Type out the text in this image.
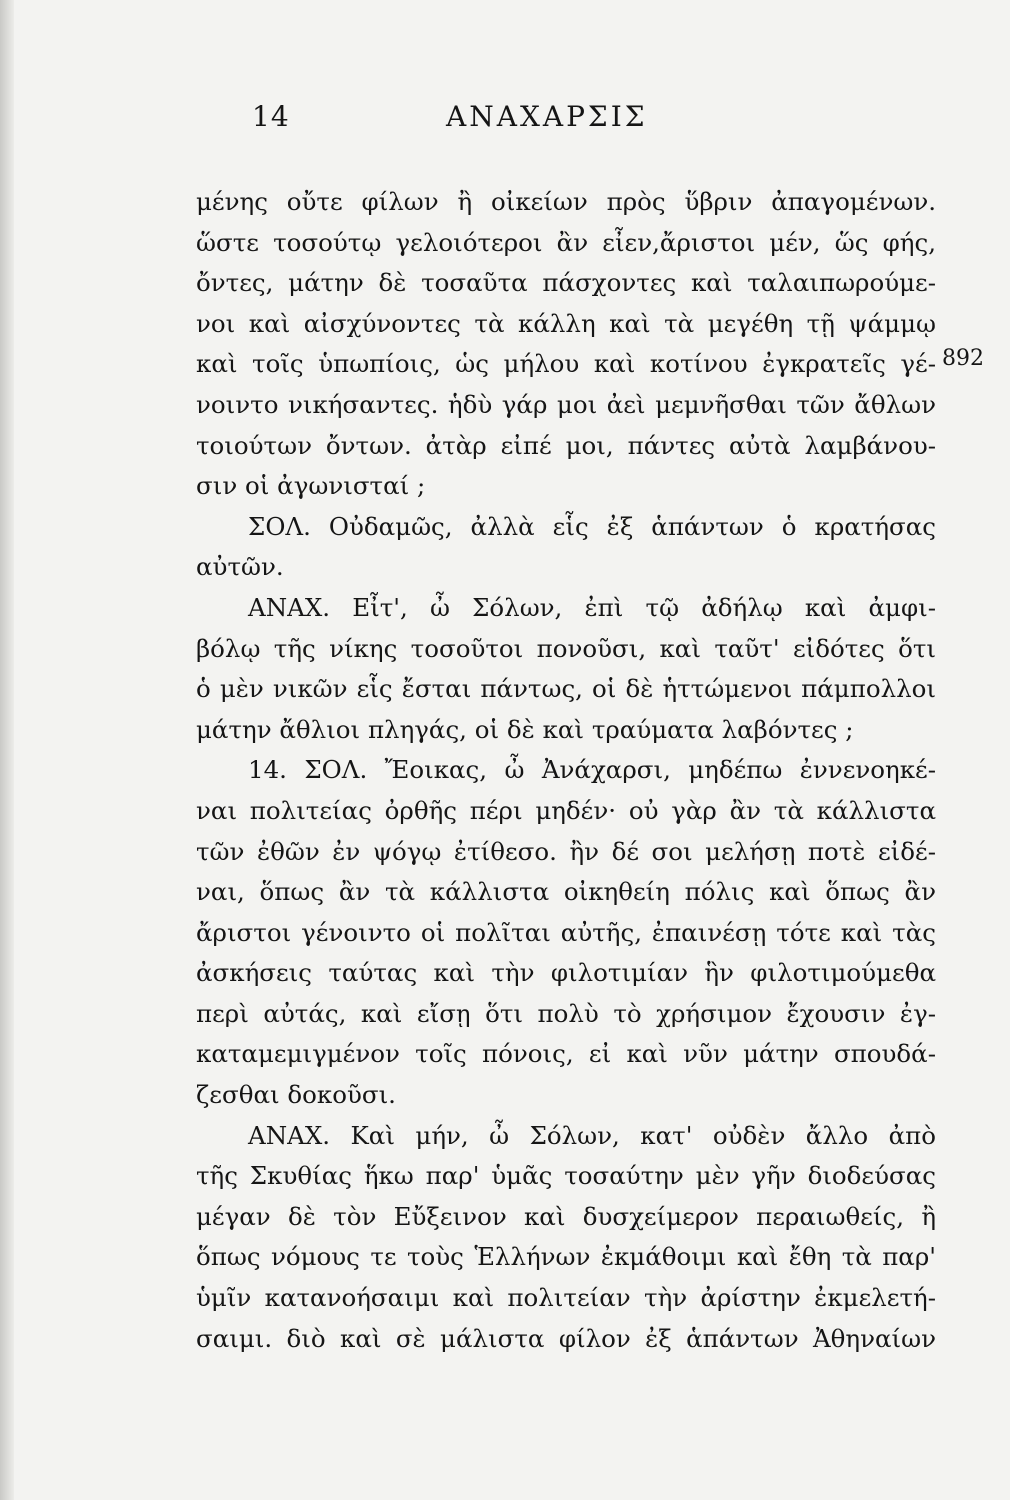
14	ΑΝΑΧΑΡΣΙΣ
892
μένης οὔτε φίλων ἢ οἰκείων πρὸς ὕβριν ἀπαγομένων.
ὥστε τοσούτῳ γελοιότεροι ἂν εἶεν,ἄριστοι μέν, ὥς φής,
ὄντες, μάτην δὲ τοσαῦτα πάσχοντες καὶ ταλαιπωρούμε-
νοι καὶ αἰσχύνοντες τὰ κάλλη καὶ τὰ μεγέθη τῇ ψάμμῳ
καὶ τοῖς ὑπωπίοις, ὡς μήλου καὶ κοτίνου ἐγκρατεῖς γέ-
νοιντο νικήσαντες. ἡδὺ γάρ μοι ἀεὶ μεμνῆσθαι τῶν ἄθλων
τοιούτων ὄντων. ἀτὰρ εἰπέ μοι, πάντες αὐτὰ λαμβάνου-
σιν οἱ ἀγωνισταί ;
ΣΟΛ. Οὐδαμῶς, ἀλλὰ εἷς ἐξ ἁπάντων ὁ κρατήσας
αὐτῶν.
ΑΝΑΧ. Εἶτ', ὦ Σόλων, ἐπὶ τῷ ἀδήλῳ καὶ ἀμφι-
βόλῳ τῆς νίκης τοσοῦτοι πονοῦσι, καὶ ταῦτ' εἰδότες ὅτι
ὁ μὲν νικῶν εἷς ἔσται πάντως, οἱ δὲ ἡττώμενοι πάμπολλοι
μάτην ἄθλιοι πληγάς, οἱ δὲ καὶ τραύματα λαβόντες ;
14. ΣΟΛ. Ἔοικας, ὦ Ἀνάχαρσι, μηδέπω ἐννενοηκέ-
ναι πολιτείας ὀρθῆς πέρι μηδέν· οὐ γὰρ ἂν τὰ κάλλιστα
τῶν ἐθῶν ἐν ψόγῳ ἐτίθεσο. ἢν δέ σοι μελήσῃ ποτὲ εἰδέ-
ναι, ὅπως ἂν τὰ κάλλιστα οἰκηθείη πόλις καὶ ὅπως ἂν
ἄριστοι γένοιντο οἱ πολῖται αὐτῆς, ἐπαινέσῃ τότε καὶ τὰς
ἀσκήσεις ταύτας καὶ τὴν φιλοτιμίαν ἣν φιλοτιμούμεθα
περὶ αὐτάς, καὶ εἴσῃ ὅτι πολὺ τὸ χρήσιμον ἔχουσιν ἐγ-
καταμεμιγμένον τοῖς πόνοις, εἰ καὶ νῦν μάτην σπουδά-
ζεσθαι δοκοῦσι.
ΑΝΑΧ. Καὶ μήν, ὦ Σόλων, κατ' οὐδὲν ἄλλο ἀπὸ
τῆς Σκυθίας ἥκω παρ' ὑμᾶς τοσαύτην μὲν γῆν διοδεύσας
μέγαν δὲ τὸν Εὔξεινον καὶ δυσχείμερον περαιωθείς, ἢ
ὅπως νόμους τε τοὺς Ἑλλήνων ἐκμάθοιμι καὶ ἔθη τὰ παρ'
ὑμῖν κατανοήσαιμι καὶ πολιτείαν τὴν ἀρίστην ἐκμελετή-
σαιμι. διὸ καὶ σὲ μάλιστα φίλον ἐξ ἁπάντων Ἀθηναίων
